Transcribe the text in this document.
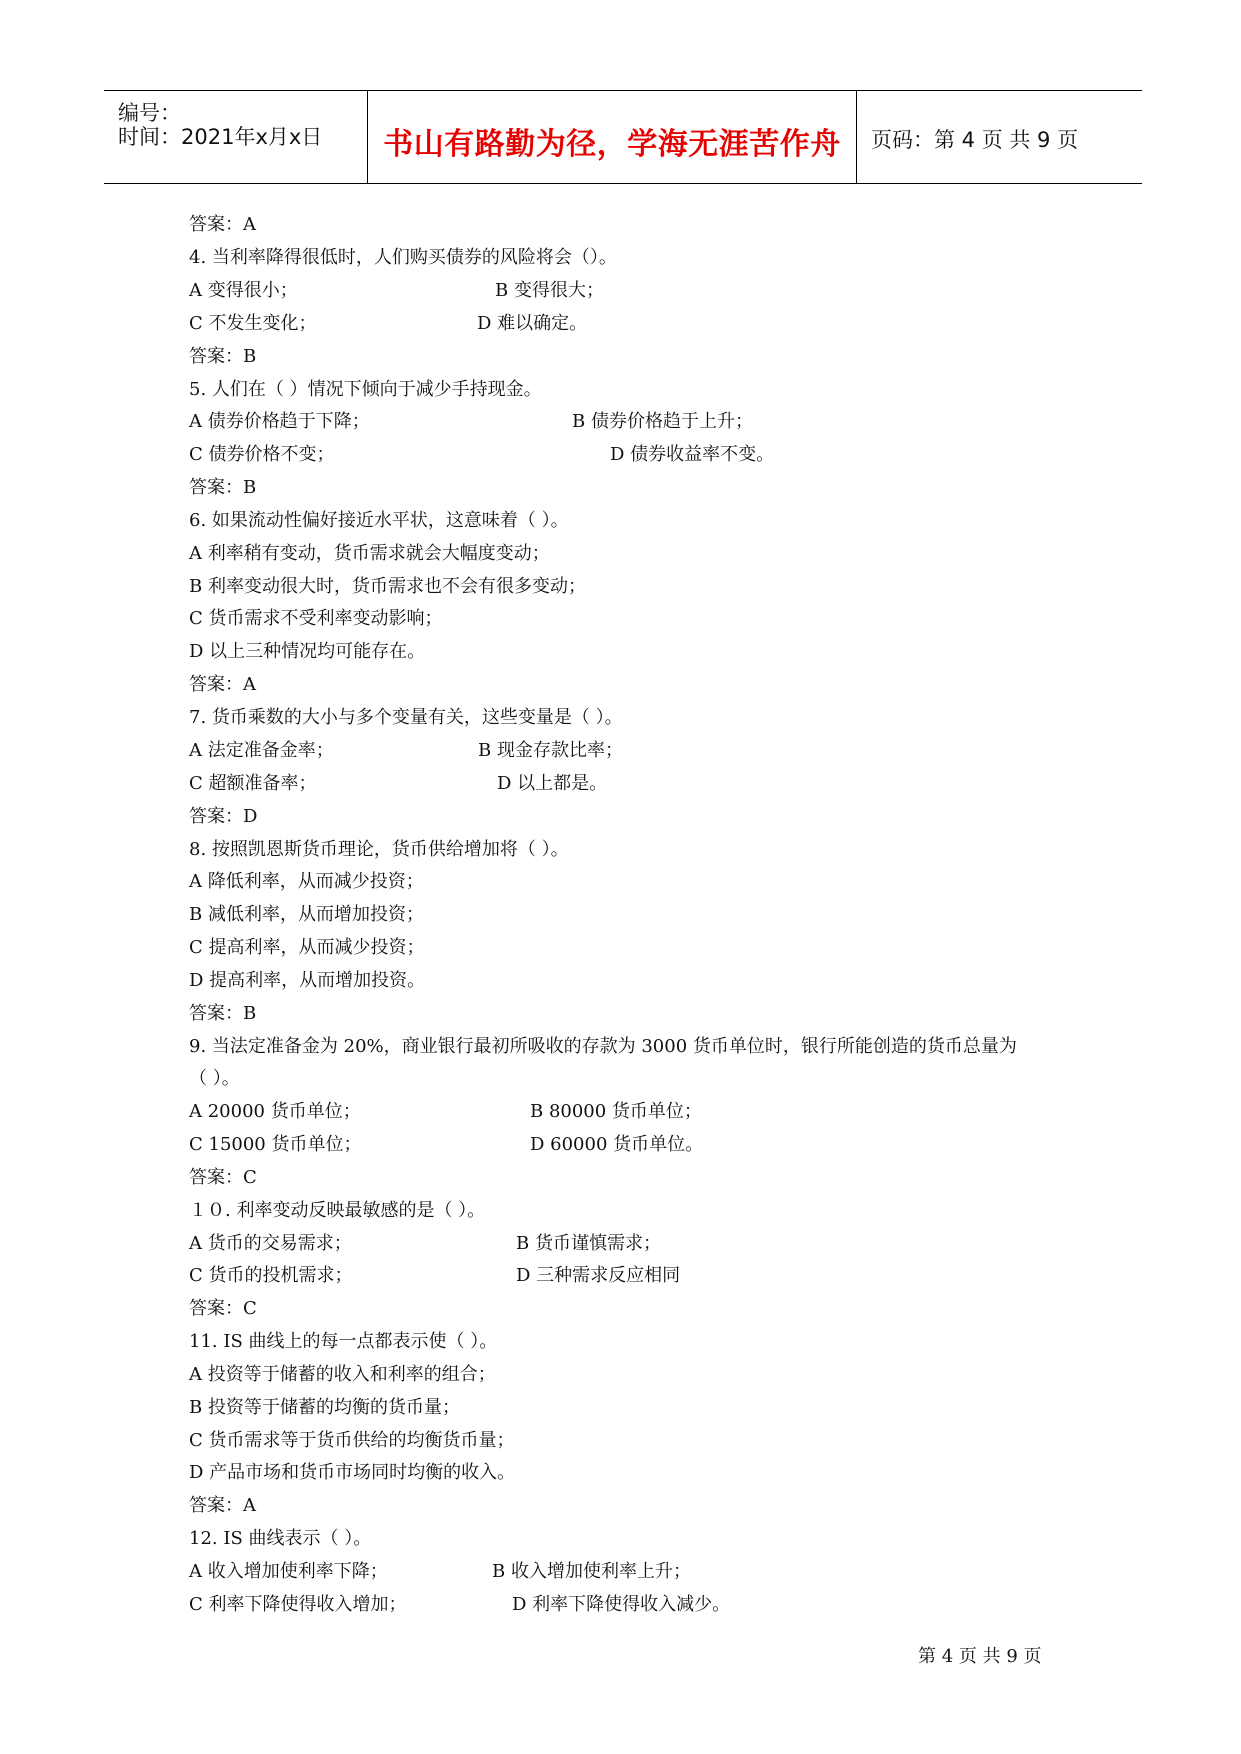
编号：
时间：2021年x月x日	书山有路勤为径，学海无涯苦作舟	页码：第 4 页 共 9 页
答案：A
4. 当利率降得很低时，人们购买债券的风险将会（）。
A 变得很小；	B 变得很大；
C 不发生变化；	D 难以确定。
答案：B
5. 人们在（ ）情况下倾向于减少手持现金。
A 债券价格趋于下降；	B 债券价格趋于上升；
C 债券价格不变；	D 债券收益率不变。
答案：B
6. 如果流动性偏好接近水平状，这意味着（ ）。
A 利率稍有变动，货币需求就会大幅度变动；
B 利率变动很大时，货币需求也不会有很多变动；
C 货币需求不受利率变动影响；
D 以上三种情况均可能存在。
答案：A
7. 货币乘数的大小与多个变量有关，这些变量是（ ）。
A 法定准备金率；	B 现金存款比率；
C 超额准备率；	D 以上都是。
答案：D
8. 按照凯恩斯货币理论，货币供给增加将（ ）。
A 降低利率，从而减少投资；
B 减低利率，从而增加投资；
C 提高利率，从而减少投资；
D 提高利率，从而增加投资。
答案：B
9. 当法定准备金为 20%，商业银行最初所吸收的存款为 3000 货币单位时，银行所能创造的货币总量为
（ ）。
A 20000 货币单位；	B 80000 货币单位；
C 15000 货币单位；	D 60000 货币单位。
答案：C
１０. 利率变动反映最敏感的是（ ）。
A 货币的交易需求；	B 货币谨慎需求；
C 货币的投机需求；	D 三种需求反应相同
答案：C
11. IS 曲线上的每一点都表示使（ ）。
A 投资等于储蓄的收入和利率的组合；
B 投资等于储蓄的均衡的货币量；
C 货币需求等于货币供给的均衡货币量；
D 产品市场和货币市场同时均衡的收入。
答案：A
12. IS 曲线表示（ ）。
A 收入增加使利率下降；	B 收入增加使利率上升；
C 利率下降使得收入增加；	D 利率下降使得收入减少。
第 4 页 共 9 页
